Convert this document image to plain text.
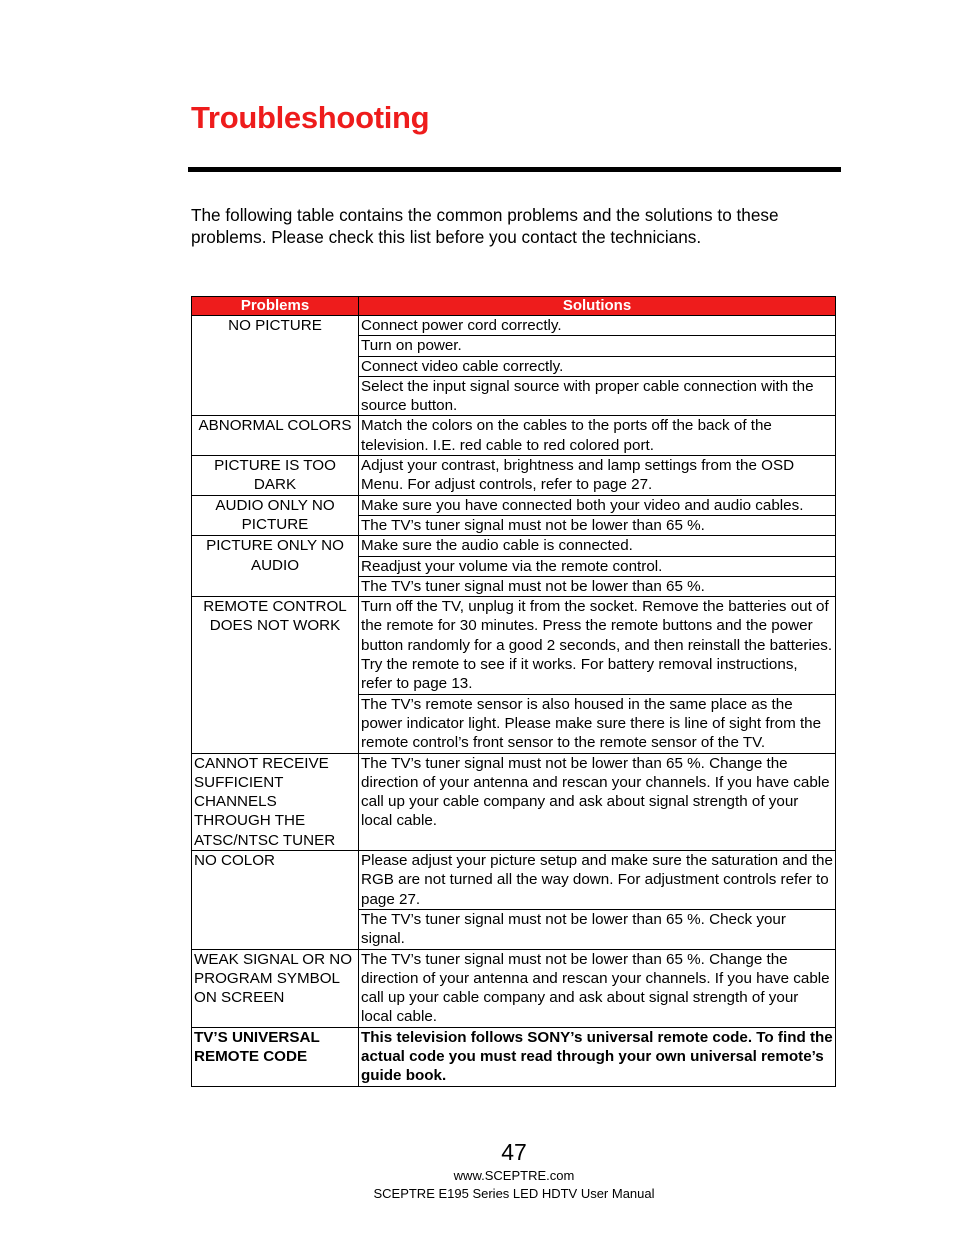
Troubleshooting
The following table contains the common problems and the solutions to these problems. Please check this list before you contact the technicians.
Problems	Solutions
NO PICTURE	Connect power cord correctly.
	Turn on power.
	Connect video cable correctly.
	Select the input signal source with proper cable connection with the source button.
ABNORMAL COLORS	Match the colors on the cables to the ports off the back of the television. I.E. red cable to red colored port.
PICTURE IS TOO DARK	Adjust your contrast, brightness and lamp settings from the OSD Menu. For adjust controls, refer to page 27.
AUDIO ONLY NO PICTURE	Make sure you have connected both your video and audio cables.
	The TV’s tuner signal must not be lower than 65 %.
PICTURE ONLY NO AUDIO	Make sure the audio cable is connected.
	Readjust your volume via the remote control.
	The TV’s tuner signal must not be lower than 65 %.
REMOTE CONTROL DOES NOT WORK	Turn off the TV, unplug it from the socket. Remove the batteries out of the remote for 30 minutes. Press the remote buttons and the power button randomly for a good 2 seconds, and then reinstall the batteries. Try the remote to see if it works. For battery removal instructions, refer to page 13.
	The TV’s remote sensor is also housed in the same place as the power indicator light. Please make sure there is line of sight from the remote control’s front sensor to the remote sensor of the TV.
CANNOT RECEIVE SUFFICIENT CHANNELS THROUGH THE ATSC/NTSC TUNER	The TV’s tuner signal must not be lower than 65 %. Change the direction of your antenna and rescan your channels. If you have cable call up your cable company and ask about signal strength of your local cable.
NO COLOR	Please adjust your picture setup and make sure the saturation and the RGB are not turned all the way down. For adjustment controls refer to page 27.
	The TV’s tuner signal must not be lower than 65 %. Check your signal.
WEAK SIGNAL OR NO PROGRAM SYMBOL ON SCREEN	The TV’s tuner signal must not be lower than 65 %. Change the direction of your antenna and rescan your channels. If you have cable call up your cable company and ask about signal strength of your local cable.
TV’S UNIVERSAL REMOTE CODE	This television follows SONY’s universal remote code. To find the actual code you must read through your own universal remote’s guide book.
47
www.SCEPTRE.com
SCEPTRE E195 Series LED HDTV User Manual
